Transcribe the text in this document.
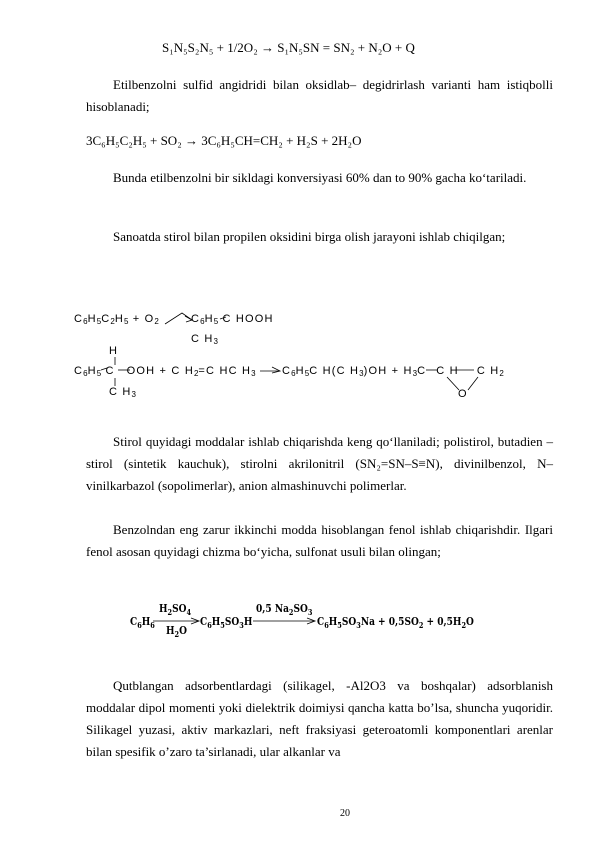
S₁N₅S₂N₅ + 1/2O₂ → S₁N₅SN = SN₂ + N₂O + Q
Etilbenzolni sulfid angidridi bilan oksidlab– degidrirlash varianti ham istiqbolli hisoblanadi;
3C₆H₅C₂H₅ + SO₂ → 3C₆H₅CH=CH₂ + H₂S + 2H₂O
Bunda etilbenzolni bir sikldagi konversiyasi 60% dan to 90% gacha ko‘tariladi.
Sanoatda stirol bilan propilen oksidini birga olish jarayoni ishlab chiqilgan;
$C_6H_5C_2H_5 + O_2$	$C_6H_5$ C HOOH
C $H_3$
H
$C_6H_5$ C OOH + C $H_2=C$ HC $H_3$ $C_6H_5C$ H(C $H_3)OH + H_3C$ C H C $H_2$
C $H_3$	O
Stirol quyidagi moddalar ishlab chiqarishda keng qo‘llaniladi; polistirol, butadien – stirol (sintetik kauchuk), stirolni akrilonitril (SN₂=SN–S≡N), divinilbenzol, N–vinilkarbazol (sopolimerlar), anion almashinuvchi polimerlar.
Benzolndan eng zarur ikkinchi modda hisoblangan fenol ishlab chiqarishdir. Ilgari fenol asosan quyidagi chizma bo‘yicha, sulfonat usuli bilan olingan;
$C_6H_6$
$H_2SO_4$
$H_2O$
$C_6H_5SO_3H$
0,5 $Na_2SO_3$
$C_6H_5SO_3Na + 0,5SO_2 + 0,5H_2O$
Qutblangan adsorbentlardagi (silikagel, -Al2O3 va boshqalar) adsorblanish moddalar dipol momenti yoki dielektrik doimiysi qancha katta bo’lsa, shuncha yuqoridir. Silikagel yuzasi, aktiv markazlari, neft fraksiyasi geteroatomli komponentlari arenlar bilan spesifik o’zaro ta’sirlanadi, ular alkanlar va
20
